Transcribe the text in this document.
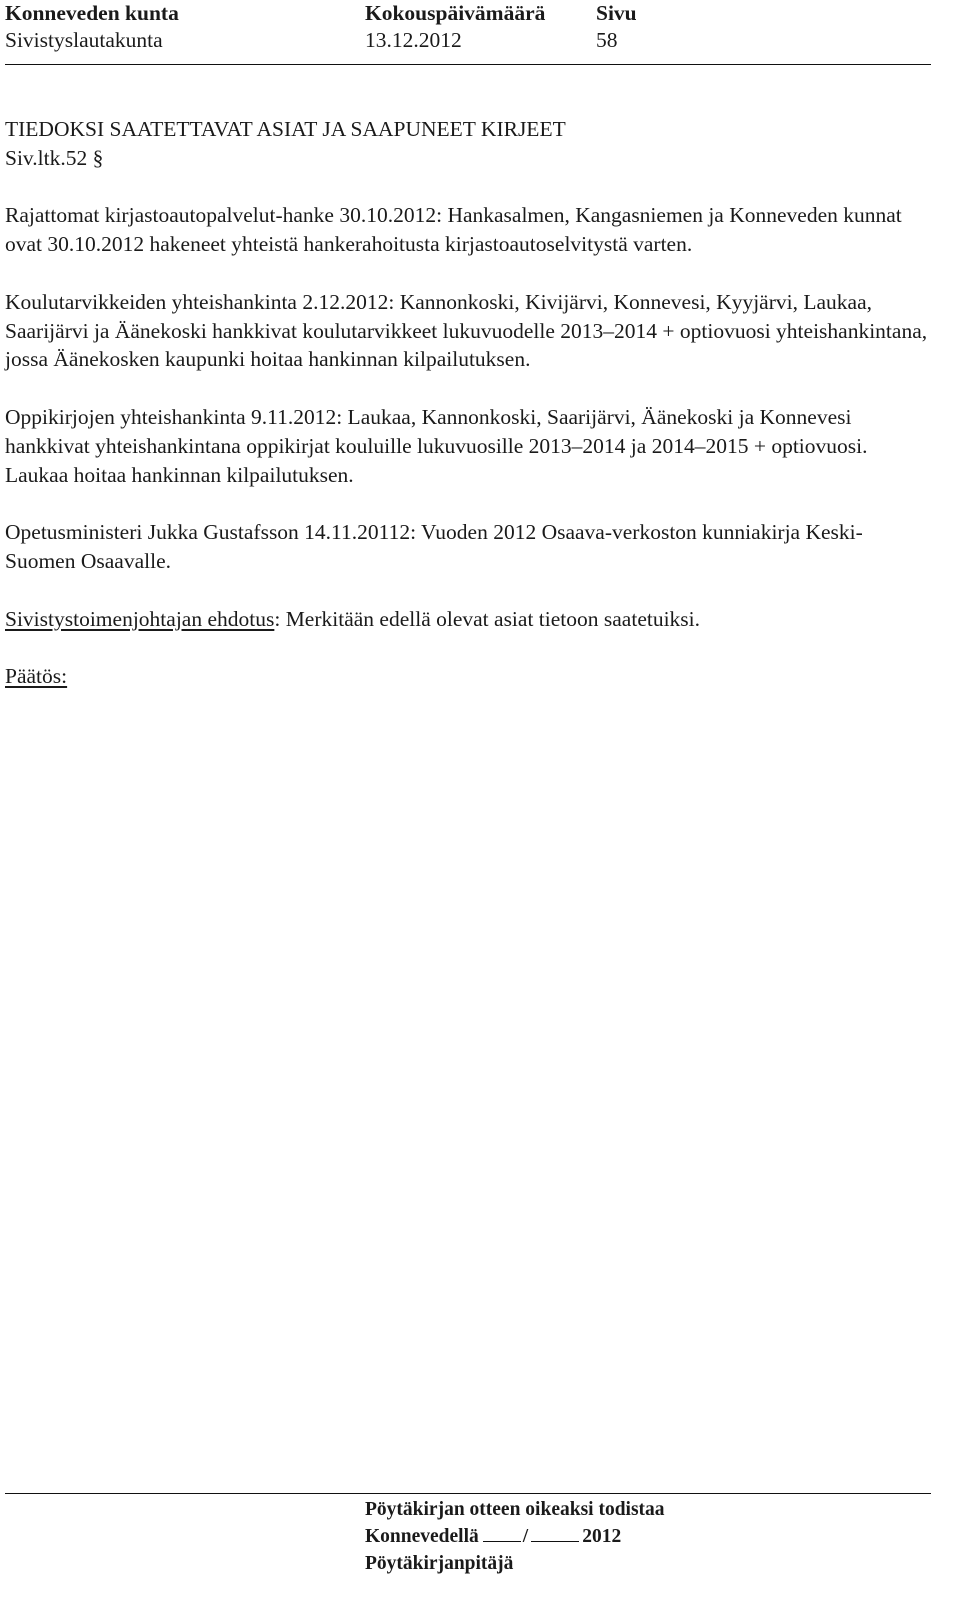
Konneveden kunta
Sivistyslautakunta
Kokouspäivämäärä
13.12.2012
Sivu
58

TIEDOKSI SAATETTAVAT ASIAT JA SAAPUNEET KIRJEET

Siv.ltk.52 §

Rajattomat kirjastoautopalvelut-hanke 30.10.2012: Hankasalmen, Kangasniemen ja Konneveden kunnat ovat 30.10.2012 hakeneet yhteistä hankerahoitusta kirjastoautoselvitystä varten.

Koulutarvikkeiden yhteishankinta 2.12.2012: Kannonkoski, Kivijärvi, Konnevesi, Kyyjärvi, Laukaa, Saarijärvi ja Äänekoski hankkivat koulutarvikkeet lukuvuodelle 2013–2014 + optiovuosi yhteishankintana, jossa Äänekosken kaupunki hoitaa hankinnan kilpailutuksen.

Oppikirjojen yhteishankinta 9.11.2012: Laukaa, Kannonkoski, Saarijärvi, Äänekoski ja Konnevesi hankkivat yhteishankintana oppikirjat kouluille lukuvuosille 2013–2014 ja 2014–2015 + optiovuosi. Laukaa hoitaa hankinnan kilpailutuksen.

Opetusministeri Jukka Gustafsson 14.11.20112: Vuoden 2012 Osaava-verkoston kunniakirja Keski-Suomen Osaavalle.

Sivistystoimenjohtajan ehdotus: Merkitään edellä olevat asiat tietoon saatetuiksi.

Päätös:

Pöytäkirjan otteen oikeaksi todistaa
Konnevedellä /	2012
Pöytäkirjanpitäjä
